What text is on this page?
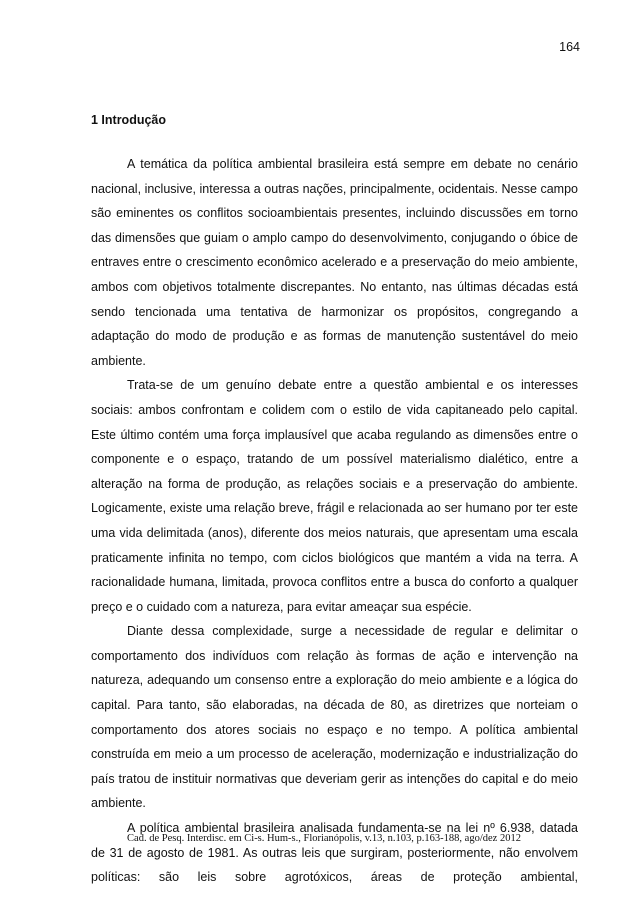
164
1 Introdução

A temática da política ambiental brasileira está sempre em debate no cenário nacional, inclusive, interessa a outras nações, principalmente, ocidentais. Nesse campo são eminentes os conflitos socioambientais presentes, incluindo discussões em torno das dimensões que guiam o amplo campo do desenvolvimento, conjugando o óbice de entraves entre o crescimento econômico acelerado e a preservação do meio ambiente, ambos com objetivos totalmente discrepantes. No entanto, nas últimas décadas está sendo tencionada uma tentativa de harmonizar os propósitos, congregando a adaptação do modo de produção e as formas de manutenção sustentável do meio ambiente.

Trata-se de um genuíno debate entre a questão ambiental e os interesses sociais: ambos confrontam e colidem com o estilo de vida capitaneado pelo capital. Este último contém uma força implausível que acaba regulando as dimensões entre o componente e o espaço, tratando de um possível materialismo dialético, entre a alteração na forma de produção, as relações sociais e a preservação do ambiente. Logicamente, existe uma relação breve, frágil e relacionada ao ser humano por ter este uma vida delimitada (anos), diferente dos meios naturais, que apresentam uma escala praticamente infinita no tempo, com ciclos biológicos que mantém a vida na terra. A racionalidade humana, limitada, provoca conflitos entre a busca do conforto a qualquer preço e o cuidado com a natureza, para evitar ameaçar sua espécie.

Diante dessa complexidade, surge a necessidade de regular e delimitar o comportamento dos indivíduos com relação às formas de ação e intervenção na natureza, adequando um consenso entre a exploração do meio ambiente e a lógica do capital. Para tanto, são elaboradas, na década de 80, as diretrizes que norteiam o comportamento dos atores sociais no espaço e no tempo. A política ambiental construída em meio a um processo de aceleração, modernização e industrialização do país tratou de instituir normativas que deveriam gerir as intenções do capital e do meio ambiente.

A política ambiental brasileira analisada fundamenta-se na lei nº 6.938, datada de 31 de agosto de 1981. As outras leis que surgiram, posteriormente, não envolvem políticas: são leis sobre agrotóxicos, áreas de proteção ambiental,

Cad. de Pesq. Interdisc. em Ci-s. Hum-s., Florianópolis, v.13, n.103, p.163-188, ago/dez 2012
